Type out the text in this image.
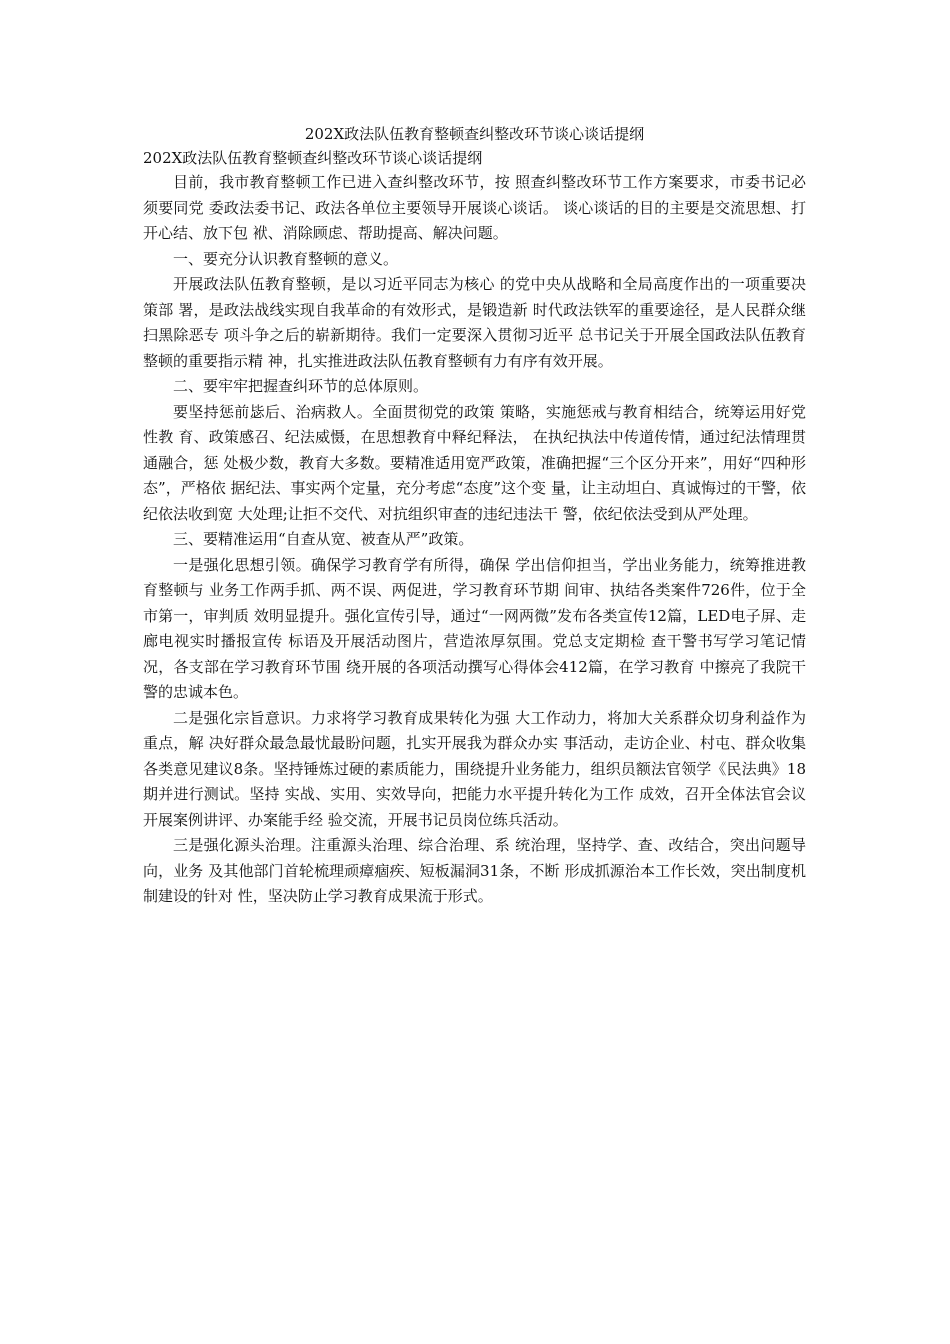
202X政法队伍教育整顿查纠整改环节谈心谈话提纲
202X政法队伍教育整顿查纠整改环节谈心谈话提纲

目前，我市教育整顿工作已进入查纠整改环节，按 照查纠整改环节工作方案要求，市委书记必须要同党 委政法委书记、政法各单位主要领导开展谈心谈话。 谈心谈话的目的主要是交流思想、打开心结、放下包 袱、消除顾虑、帮助提高、解决问题。

一、要充分认识教育整顿的意义。

开展政法队伍教育整顿，是以习近平同志为核心 的党中央从战略和全局高度作出的一项重要决策部 署，是政法战线实现自我革命的有效形式，是锻造新 时代政法铁军的重要途径，是人民群众继扫黑除恶专 项斗争之后的崭新期待。我们一定要深入贯彻习近平 总书记关于开展全国政法队伍教育整顿的重要指示精 神，扎实推进政法队伍教育整顿有力有序有效开展。

二、要牢牢把握查纠环节的总体原则。

要坚持惩前毖后、治病救人。全面贯彻党的政策 策略，实施惩戒与教育相结合，统筹运用好党性教 育、政策感召、纪法威慑，在思想教育中释纪释法， 在执纪执法中传道传情，通过纪法情理贯通融合，惩 处极少数，教育大多数。要精准适用宽严政策，准确把握“三个区分开来”，用好“四种形态”，严格依 据纪法、事实两个定量，充分考虑“态度”这个变 量，让主动坦白、真诚悔过的干警，依纪依法收到宽 大处理;让拒不交代、对抗组织审查的违纪违法干 警，依纪依法受到从严处理。

三、要精准运用“自查从宽、被查从严”政策。

一是强化思想引领。确保学习教育学有所得，确保 学出信仰担当，学出业务能力，统筹推进教育整顿与 业务工作两手抓、两不误、两促进，学习教育环节期 间审、执结各类案件726件，位于全市第一，审判质 效明显提升。强化宣传引导，通过“一网两微”发布各类宣传12篇，LED电子屏、走廊电视实时播报宣传 标语及开展活动图片，营造浓厚氛围。党总支定期检 查干警书写学习笔记情况，各支部在学习教育环节围 绕开展的各项活动撰写心得体会412篇，在学习教育 中擦亮了我院干警的忠诚本色。

二是强化宗旨意识。力求将学习教育成果转化为强 大工作动力，将加大关系群众切身利益作为重点，解 决好群众最急最忧最盼问题，扎实开展我为群众办实 事活动，走访企业、村屯、群众收集各类意见建议8条。坚持锤炼过硬的素质能力，围绕提升业务能力，组织员额法官领学《民法典》18期并进行测试。坚持 实战、实用、实效导向，把能力水平提升转化为工作 成效，召开全体法官会议开展案例讲评、办案能手经 验交流，开展书记员岗位练兵活动。

三是强化源头治理。注重源头治理、综合治理、系 统治理，坚持学、查、改结合，突出问题导向，业务 及其他部门首轮梳理顽瘴痼疾、短板漏洞31条，不断 形成抓源治本工作长效，突出制度机制建设的针对 性，坚决防止学习教育成果流于形式。
